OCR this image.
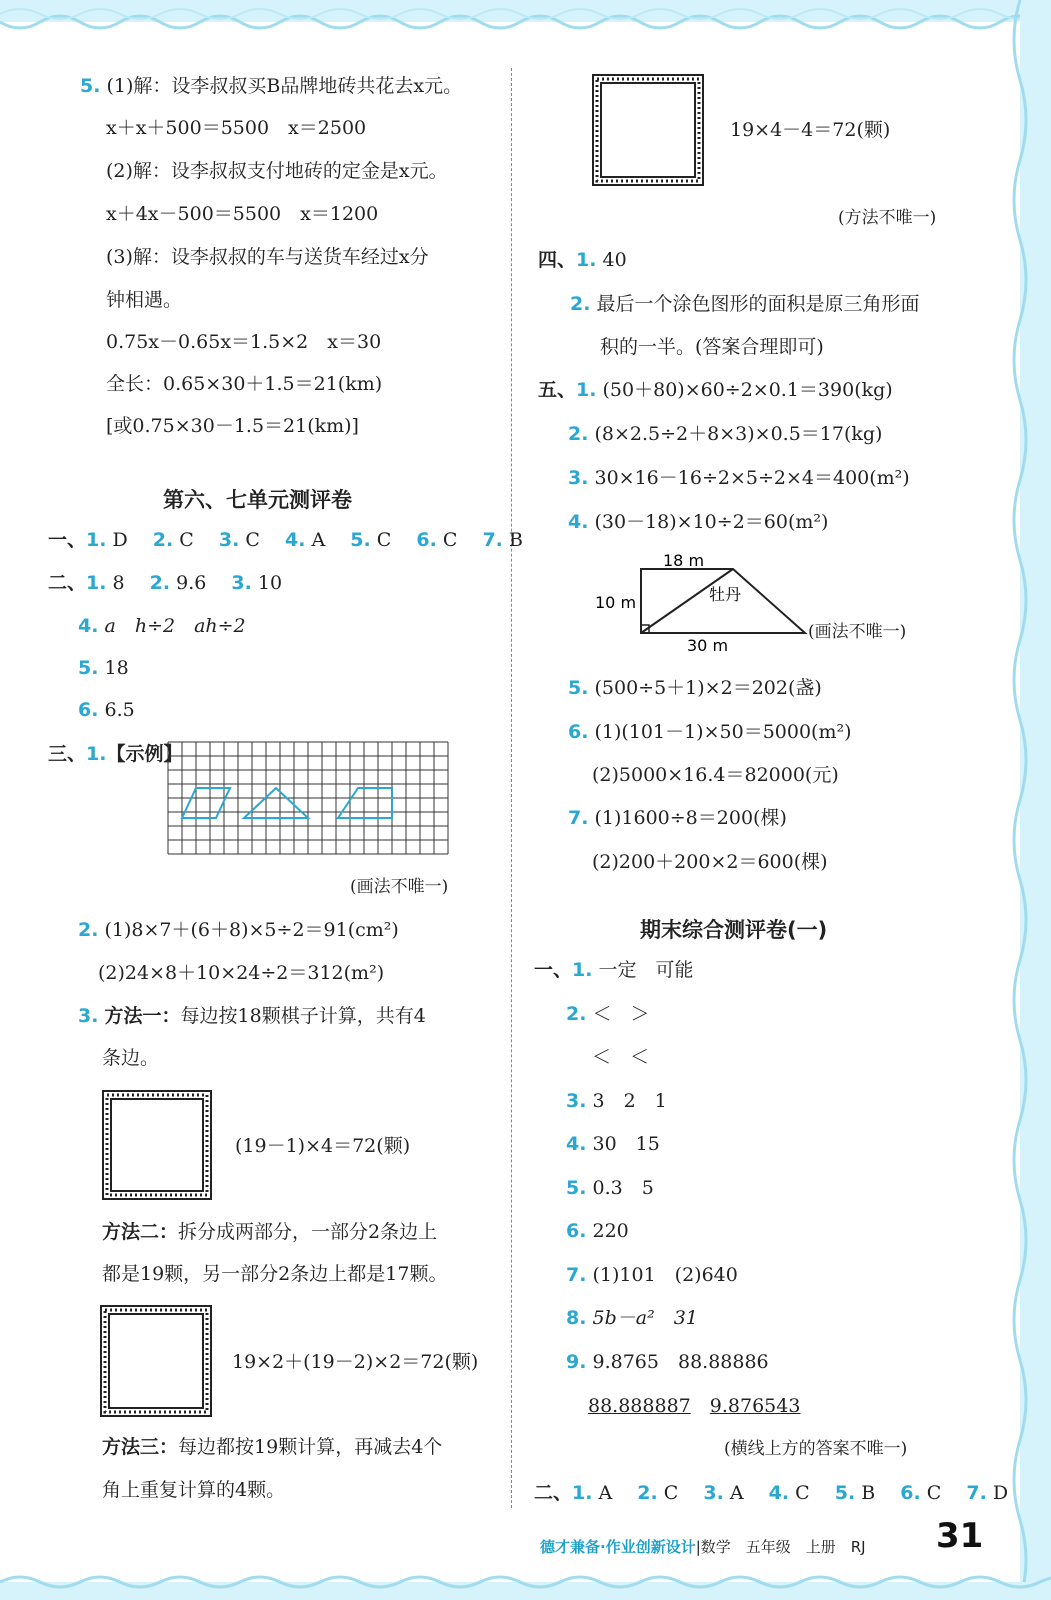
5. (1)解：设李叔叔买B品牌地砖共花去x元。
x＋x＋500＝5500　x＝2500
(2)解：设李叔叔支付地砖的定金是x元。
x＋4x－500＝5500　x＝1200
(3)解：设李叔叔的车与送货车经过x分
钟相遇。
0.75x－0.65x＝1.5×2　x＝30
全长：0.65×30＋1.5＝21(km)
[或0.75×30－1.5＝21(km)]
第六、七单元测评卷
一、1. D 　 2. C 　 3. C 　 4. A 　 5. C 　 6. C 　 7. B
二、1. 8 　 2. 9.6 　 3. 10
4. a　h÷2　ah÷2
5. 18
6. 6.5
三、1.【示例】
(画法不唯一)
2. (1)8×7＋(6＋8)×5÷2＝91(cm²)
(2)24×8＋10×24÷2＝312(m²)
3. 方法一：每边按18颗棋子计算，共有4
条边。
(19－1)×4＝72(颗)
方法二：拆分成两部分，一部分2条边上
都是19颗，另一部分2条边上都是17颗。
19×2＋(19－2)×2＝72(颗)
方法三：每边都按19颗计算，再减去4个
角上重复计算的4颗。
19×4－4＝72(颗)
(方法不唯一)
四、1. 40
2. 最后一个涂色图形的面积是原三角形面
积的一半。(答案合理即可)
五、1. (50＋80)×60÷2×0.1＝390(kg)
2. (8×2.5÷2＋8×3)×0.5＝17(kg)
3. 30×16－16÷2×5÷2×4＝400(m²)
4. (30－18)×10÷2＝60(m²)
18 m
10 m
30 m
牡丹
(画法不唯一)
5. (500÷5＋1)×2＝202(盏)
6. (1)(101－1)×50＝5000(m²)
(2)5000×16.4＝82000(元)
7. (1)1600÷8＝200(棵)
(2)200＋200×2＝600(棵)
期末综合测评卷(一)
一、1. 一定　可能
2. ＜　＞
＜　＜
3. 3　2　1
4. 30　15
5. 0.3　5
6. 220
7. (1)101　(2)640
8. 5b－a²　31
9. 9.8765　88.88886
88.888887　 9.876543
(横线上方的答案不唯一)
二、1. A 　 2. C 　 3. A 　 4. C 　 5. B 　 6. C 　 7. D
德才兼备·作业创新设计|数学　五年级　上册　RJ 31
